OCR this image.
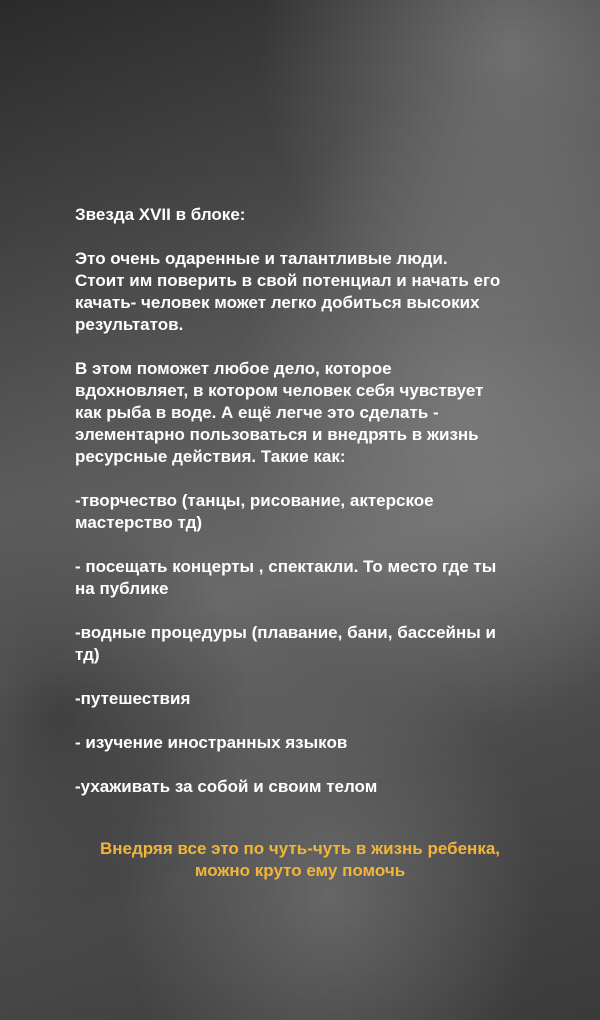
Звезда XVII в блоке:
Это очень одаренные и талантливые люди.
Стоит им поверить в свой потенциал и начать его
качать- человек может легко добиться высоких
результатов.
В этом поможет любое дело, которое
вдохновляет, в котором человек себя чувствует
как рыба в воде. А ещё легче это сделать -
элементарно пользоваться и внедрять в жизнь
ресурсные действия. Такие как:
-творчество (танцы, рисование, актерское
мастерство тд)
- посещать концерты , спектакли. То место где ты
на публике
-водные процедуры (плавание, бани, бассейны и
тд)
-путешествия
- изучение иностранных языков
-ухаживать за собой и своим телом
Внедряя все это по чуть-чуть в жизнь ребенка,
можно круто ему помочь
